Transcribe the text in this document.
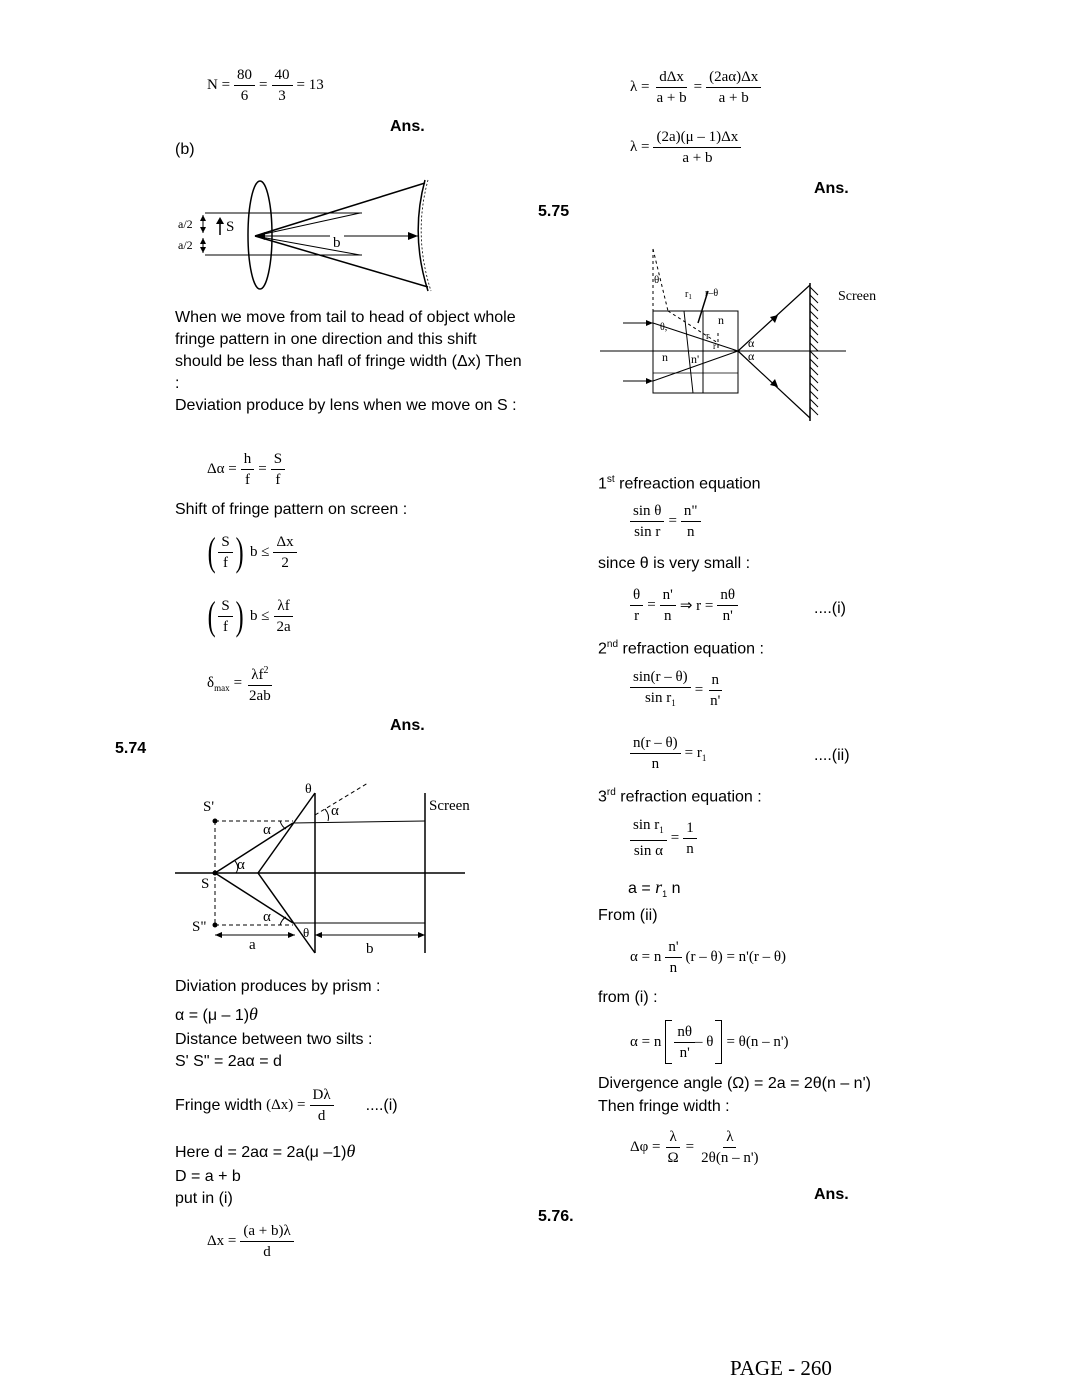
$N = \frac{80}{6} = \frac{40}{3} = 13$
Ans.
(b)
a/2
a/2
S
b
When we move from tail to head of object whole fringe pattern in one direction and this shift should be less than hafl of fringe width (Δx) Then :
Deviation produce by lens when we move on S :
$\Delta\alpha = \frac{h}{f} = \frac{S}{f}$
Shift of fringe pattern on screen :
( $\frac{S}{f}$ ) $b \le \frac{\Delta x}{2}$
( $\frac{S}{f}$ ) $b \le \frac{\lambda f}{2a}$
$\delta_{max} = \frac{\lambda f^2}{2ab}$
Ans.
5.74
θ
α
S'	Screen
α
α
S
S"
α
θ
a	b
Diviation produces by prism :
α = (μ – 1)θ
Distance between two silts :
S' S" = 2aα = d
Fringe width $(\Delta x) = \frac{D\lambda}{d} ....(i)$
Here d = 2aα = 2a(μ –1)θ
D = a + b
put in (i)
$\Delta x = \frac{(a + b)\lambda}{d}$
$\lambda = \frac{\text{dΔx}}{a + b} = \frac{(2a\alpha)\Delta x}{a + b}$
$\lambda = \frac{(2a)(\mu - 1)\Delta x}{a + b}$
Ans.
5.75
θ
$r_1$ r–θ
n
θ,
r
r	α
α
n n'
Screen
1st refreaction equation
$\frac{\text{sin θ}}{\text{sin r}} = \frac{n"}{n}$
since θ is very small :
$\frac{\theta}{r} = \frac{n'}{n}$ ⇒ $r = \frac{n\theta}{n'}$	....(i)
2nd refraction equation :
$\frac{\sin(r - \theta)}{\sin r_1} = \frac{n}{n'}$
$\frac{n(r - \theta)}{n} = r_1$	....(ii)
3rd refraction equation :
$\frac{\sin r_1}{\text{sin α}} = \frac{1}{n}$
$a = r_1$ n
From (ii)
α = n $\frac{n'}{n} (r - \theta) = n'(r - \theta)$
from (i) :
α = n $\frac{n\theta}{n'} - \theta = \theta(n - n')$
Divergence angle (Ω) = 2a = 2θ(n – n')
Then fringe width :
$\Delta\varphi = \frac{\lambda}{\Omega} = \frac{\lambda}{2\theta(n - n')}$
Ans.
5.76.
PAGE - 260
